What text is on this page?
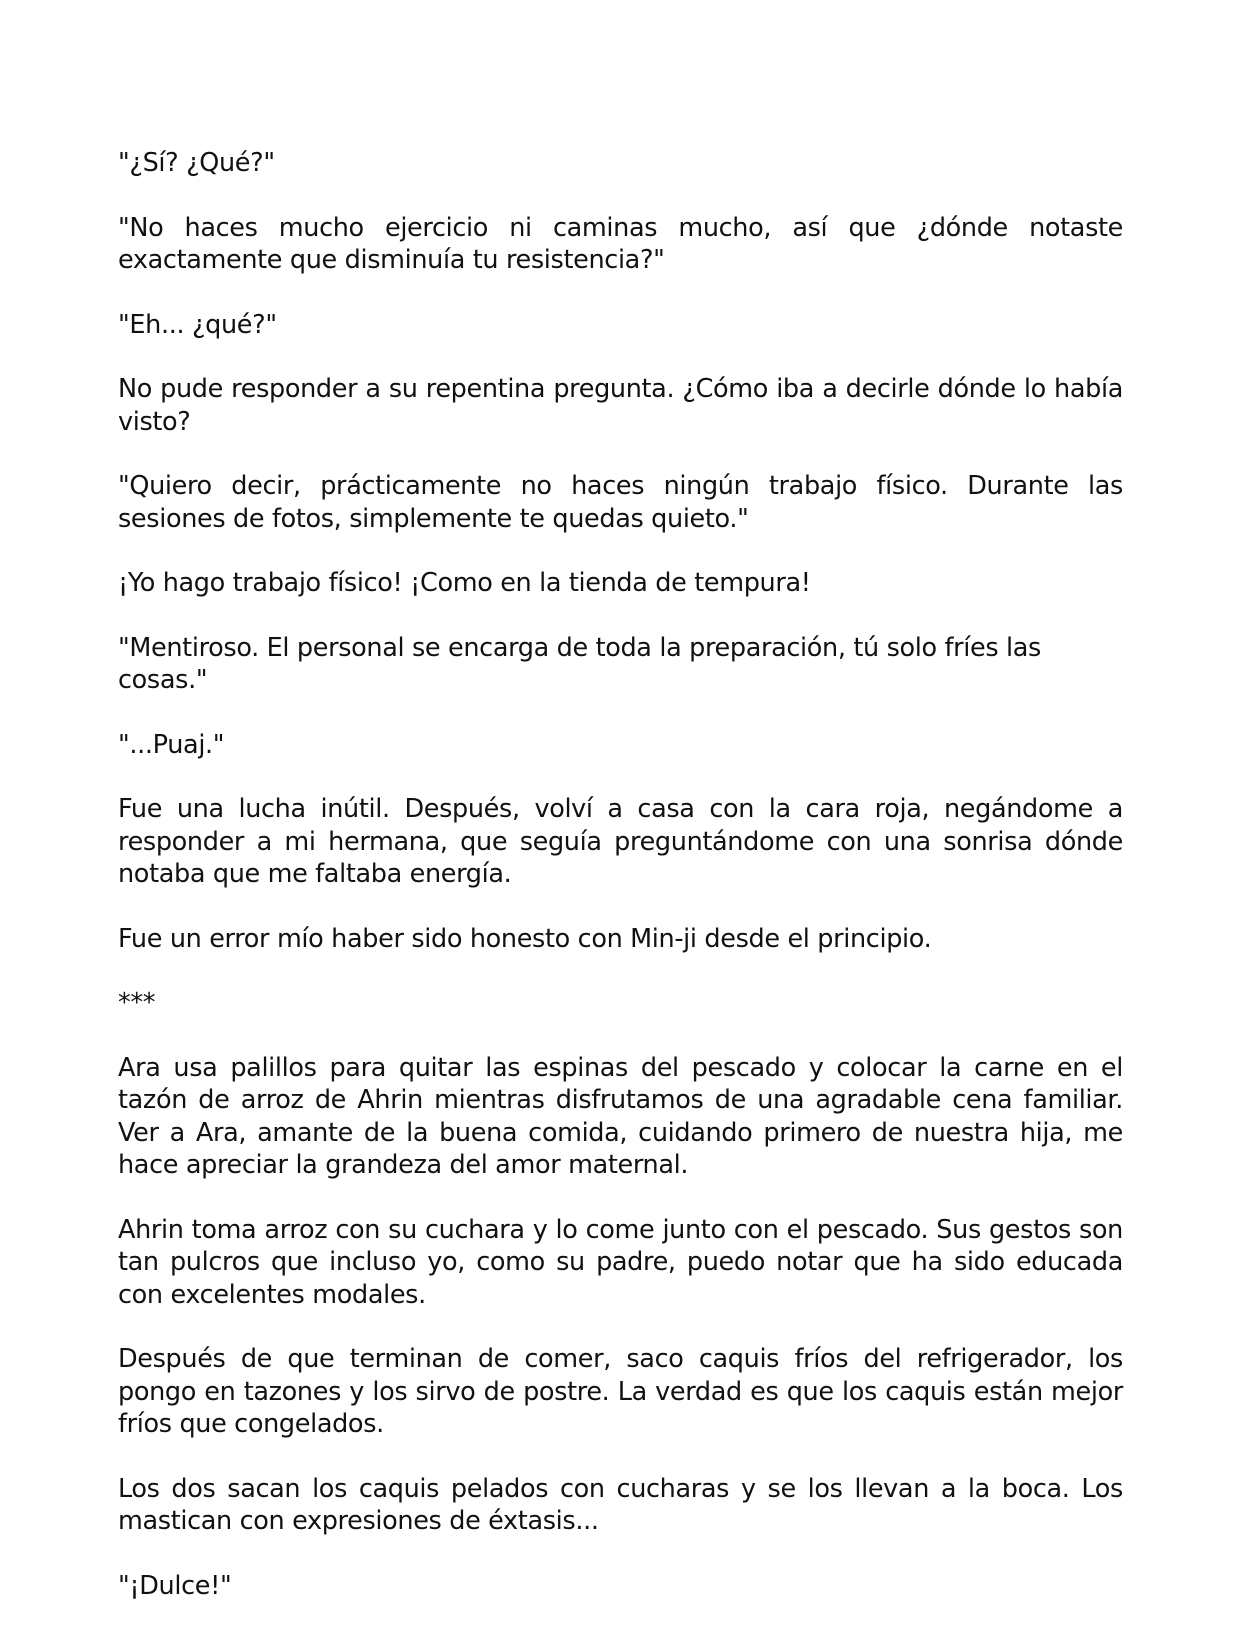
"¿Sí? ¿Qué?"

"No haces mucho ejercicio ni caminas mucho, así que ¿dónde notaste exactamente que disminuía tu resistencia?"

"Eh... ¿qué?"

No pude responder a su repentina pregunta. ¿Cómo iba a decirle dónde lo había visto?

"Quiero decir, prácticamente no haces ningún trabajo físico. Durante las sesiones de fotos, simplemente te quedas quieto."

¡Yo hago trabajo físico! ¡Como en la tienda de tempura!

"Mentiroso. El personal se encarga de toda la preparación, tú solo fríes las cosas."

"...Puaj."

Fue una lucha inútil. Después, volví a casa con la cara roja, negándome a responder a mi hermana, que seguía preguntándome con una sonrisa dónde notaba que me faltaba energía.

Fue un error mío haber sido honesto con Min-ji desde el principio.

***

Ara usa palillos para quitar las espinas del pescado y colocar la carne en el tazón de arroz de Ahrin mientras disfrutamos de una agradable cena familiar. Ver a Ara, amante de la buena comida, cuidando primero de nuestra hija, me hace apreciar la grandeza del amor maternal.

Ahrin toma arroz con su cuchara y lo come junto con el pescado. Sus gestos son tan pulcros que incluso yo, como su padre, puedo notar que ha sido educada con excelentes modales.

Después de que terminan de comer, saco caquis fríos del refrigerador, los pongo en tazones y los sirvo de postre. La verdad es que los caquis están mejor fríos que congelados.

Los dos sacan los caquis pelados con cucharas y se los llevan a la boca. Los mastican con expresiones de éxtasis...

"¡Dulce!"
